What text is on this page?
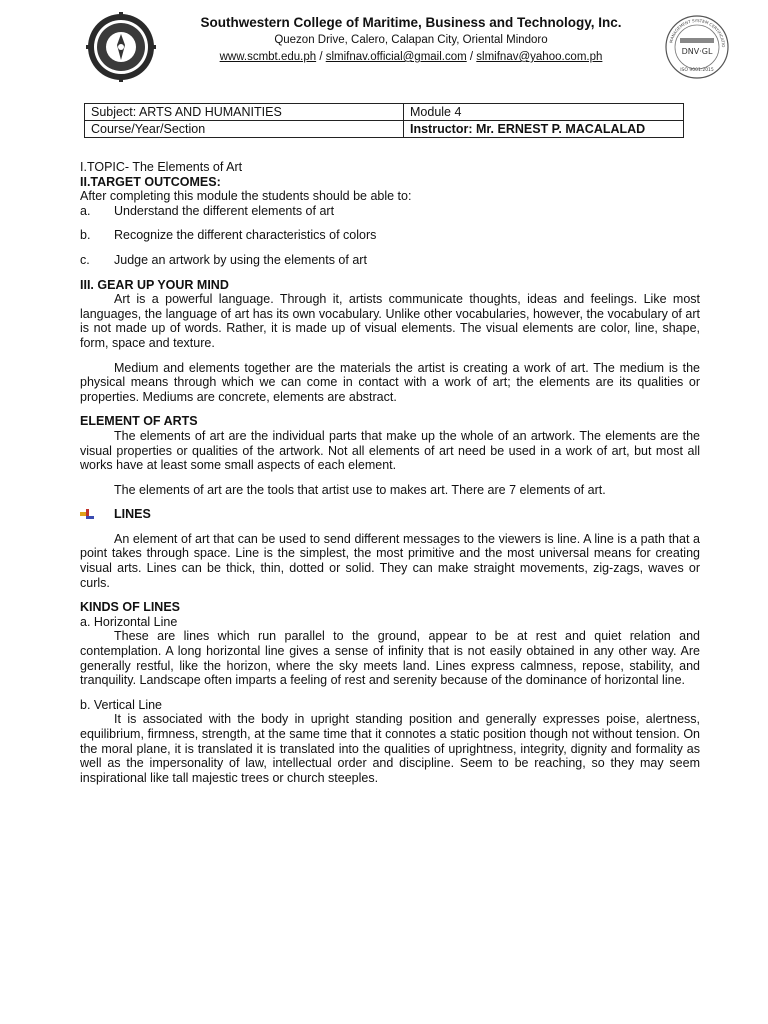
Southwestern College of Maritime, Business and Technology, Inc.
Quezon Drive, Calero, Calapan City, Oriental Mindoro
www.scmbt.edu.ph / slmifnav.official@gmail.com / slmifnav@yahoo.com.ph	DNV·GL
ISO 9001:2015
MANAGEMENT SYSTEM CERTIFICATIO
Subject: ARTS AND HUMANITIES	Module 4
Course/Year/Section	Instructor: Mr. ERNEST P. MACALALAD

I.TOPIC- The Elements of Art

II.TARGET OUTCOMES:

After completing this module the students should be able to:

a.	Understand the different elements of art
b.	Recognize the different characteristics of colors
c.	Judge an artwork by using the elements of art

III. GEAR UP YOUR MIND

Art is a powerful language. Through it, artists communicate thoughts, ideas and feelings. Like most languages, the language of art has its own vocabulary. Unlike other vocabularies, however, the vocabulary of art is not made up of words. Rather, it is made up of visual elements. The visual elements are color, line, shape, form, space and texture.

Medium and elements together are the materials the artist is creating a work of art. The medium is the physical means through which we can come in contact with a work of art; the elements are its qualities or properties. Mediums are concrete, elements are abstract.

ELEMENT OF ARTS

The elements of art are the individual parts that make up the whole of an artwork. The elements are the visual properties or qualities of the artwork. Not all elements of art need be used in a work of art, but most all works have at least some small aspects of each element.

The elements of art are the tools that artist use to makes art. There are 7 elements of art.

LINES

An element of art that can be used to send different messages to the viewers is line. A line is a path that a point takes through space. Line is the simplest, the most primitive and the most universal means for creating visual arts. Lines can be thick, thin, dotted or solid. They can make straight movements, zig-zags, waves or curls.

KINDS OF LINES

a. Horizontal Line

These are lines which run parallel to the ground, appear to be at rest and quiet relation and contemplation. A long horizontal line gives a sense of infinity that is not easily obtained in any other way. Are generally restful, like the horizon, where the sky meets land. Lines express calmness, repose, stability, and tranquility. Landscape often imparts a feeling of rest and serenity because of the dominance of horizontal line.

b. Vertical Line

It is associated with the body in upright standing position and generally expresses poise, alertness, equilibrium, firmness, strength, at the same time that it connotes a static position though not without tension. On the moral plane, it is translated it is translated into the qualities of uprightness, integrity, dignity and formality as well as the impersonality of law, intellectual order and discipline. Seem to be reaching, so they may seem inspirational like tall majestic trees or church steeples.
